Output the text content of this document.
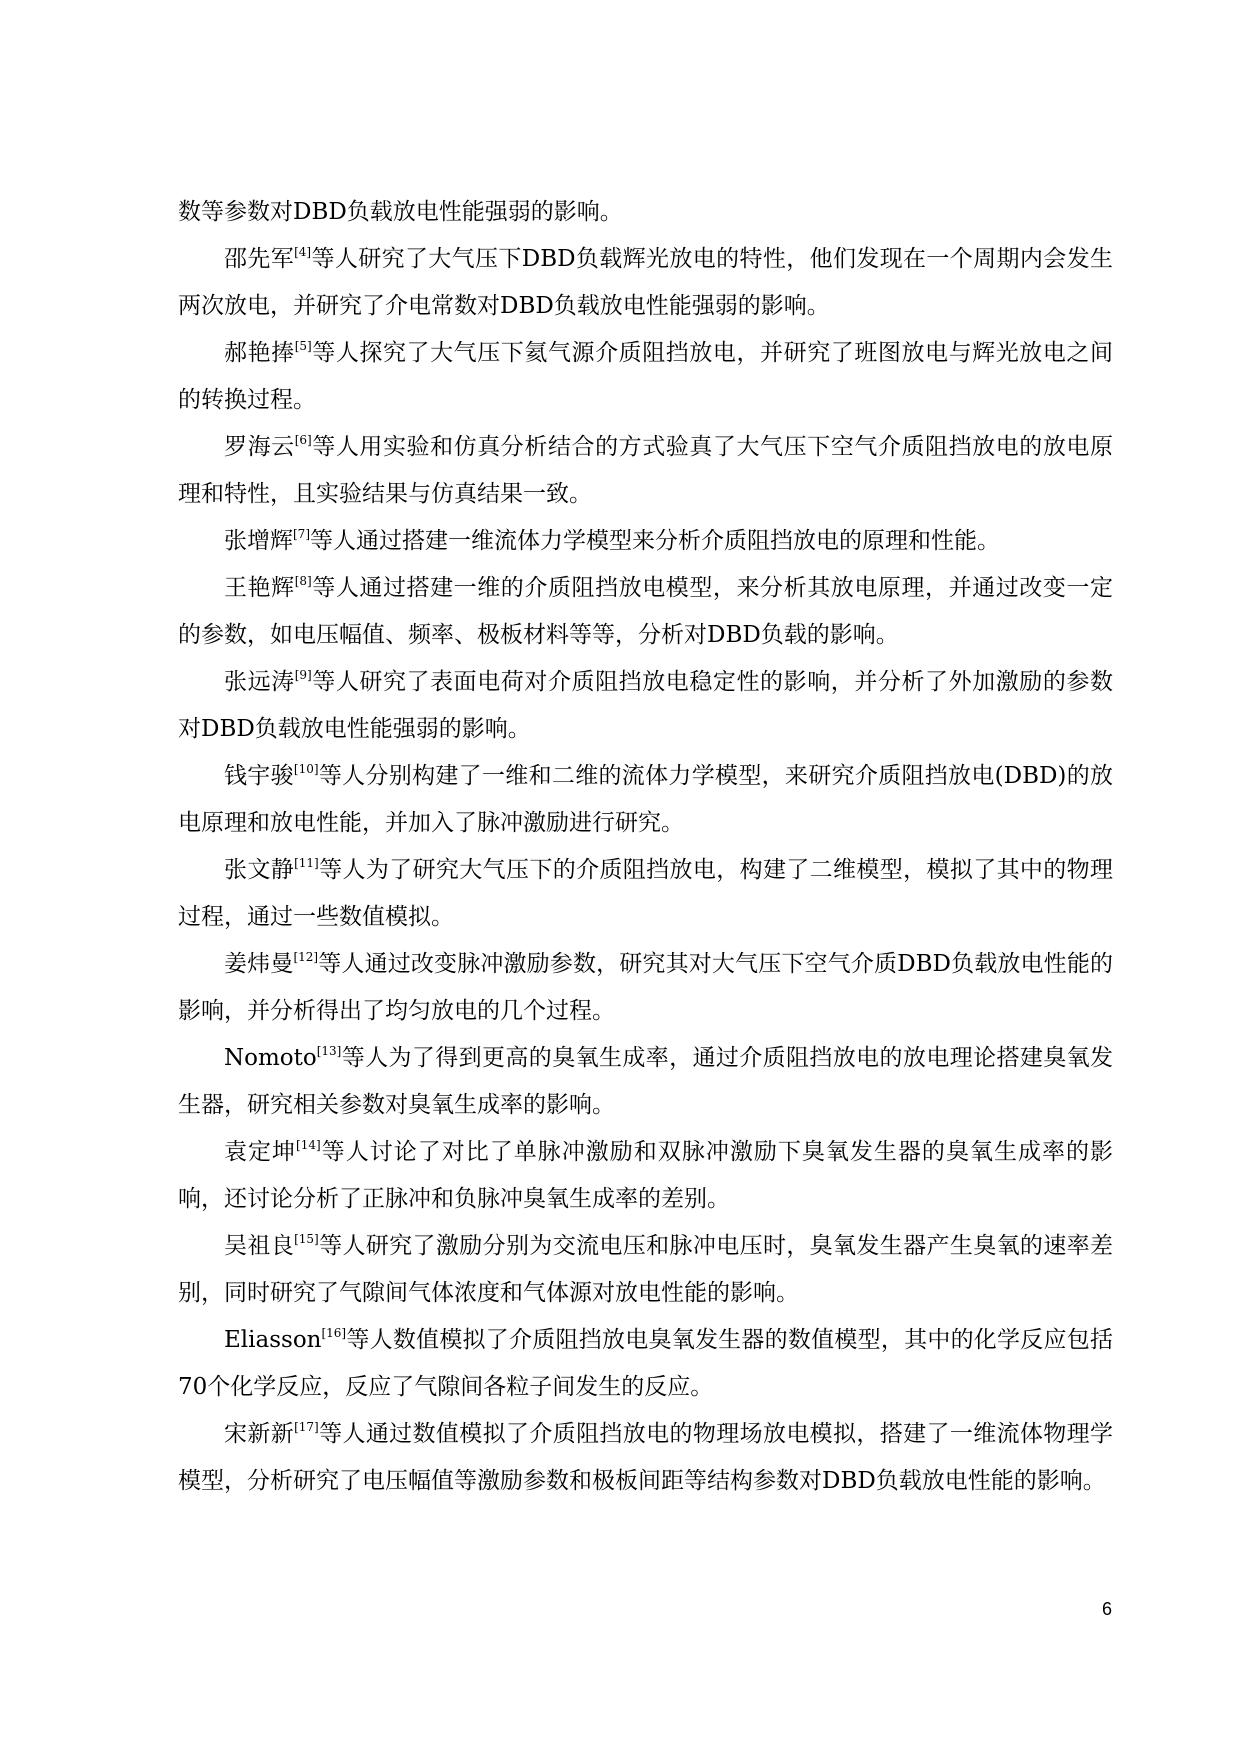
数等参数对DBD负载放电性能强弱的影响。

邵先军[4]等人研究了大气压下DBD负载辉光放电的特性，他们发现在一个周期内会发生两次放电，并研究了介电常数对DBD负载放电性能强弱的影响。

郝艳捧[5]等人探究了大气压下氦气源介质阻挡放电，并研究了班图放电与辉光放电之间的转换过程。

罗海云[6]等人用实验和仿真分析结合的方式验真了大气压下空气介质阻挡放电的放电原理和特性，且实验结果与仿真结果一致。

张增辉[7]等人通过搭建一维流体力学模型来分析介质阻挡放电的原理和性能。

王艳辉[8]等人通过搭建一维的介质阻挡放电模型，来分析其放电原理，并通过改变一定的参数，如电压幅值、频率、极板材料等等，分析对DBD负载的影响。

张远涛[9]等人研究了表面电荷对介质阻挡放电稳定性的影响，并分析了外加激励的参数对DBD负载放电性能强弱的影响。

钱宇骏[10]等人分别构建了一维和二维的流体力学模型，来研究介质阻挡放电(DBD)的放电原理和放电性能，并加入了脉冲激励进行研究。

张文静[11]等人为了研究大气压下的介质阻挡放电，构建了二维模型，模拟了其中的物理过程，通过一些数值模拟。

姜炜曼[12]等人通过改变脉冲激励参数，研究其对大气压下空气介质DBD负载放电性能的影响，并分析得出了均匀放电的几个过程。

Nomoto[13]等人为了得到更高的臭氧生成率，通过介质阻挡放电的放电理论搭建臭氧发生器，研究相关参数对臭氧生成率的影响。

袁定坤[14]等人讨论了对比了单脉冲激励和双脉冲激励下臭氧发生器的臭氧生成率的影响，还讨论分析了正脉冲和负脉冲臭氧生成率的差别。

吴祖良[15]等人研究了激励分别为交流电压和脉冲电压时，臭氧发生器产生臭氧的速率差别，同时研究了气隙间气体浓度和气体源对放电性能的影响。

Eliasson[16]等人数值模拟了介质阻挡放电臭氧发生器的数值模型，其中的化学反应包括70个化学反应，反应了气隙间各粒子间发生的反应。

宋新新[17]等人通过数值模拟了介质阻挡放电的物理场放电模拟，搭建了一维流体物理学模型，分析研究了电压幅值等激励参数和极板间距等结构参数对DBD负载放电性能的影响。

6
